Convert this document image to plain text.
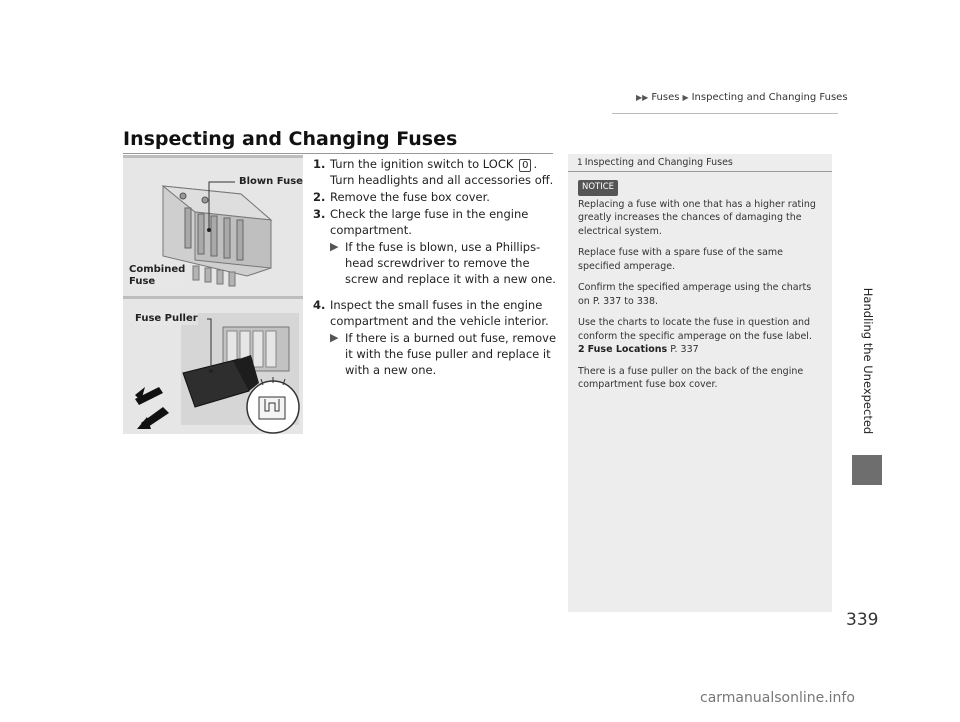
▶▶ Fuses ▶ Inspecting and Changing Fuses
Inspecting and Changing Fuses
Blown Fuse
Combined
Fuse
Fuse Puller
1. Turn the ignition switch to LOCK 0 . Turn headlights and all accessories off.
2. Remove the fuse box cover.
3. Check the large fuse in the engine compartment.
▶ If the fuse is blown, use a Phillips-head screwdriver to remove the screw and replace it with a new one.
4. Inspect the small fuses in the engine compartment and the vehicle interior.
▶ If there is a burned out fuse, remove it with the fuse puller and replace it with a new one.
1 Inspecting and Changing Fuses
NOTICE

Replacing a fuse with one that has a higher rating greatly increases the chances of damaging the electrical system.

Replace fuse with a spare fuse of the same specified amperage.

Confirm the specified amperage using the charts on P. 337 to 338.

Use the charts to locate the fuse in question and conform the specific amperage on the fuse label.

2 Fuse Locations P. 337

There is a fuse puller on the back of the engine compartment fuse box cover.	Handling the Unexpected
339
carmanualsonline.info
